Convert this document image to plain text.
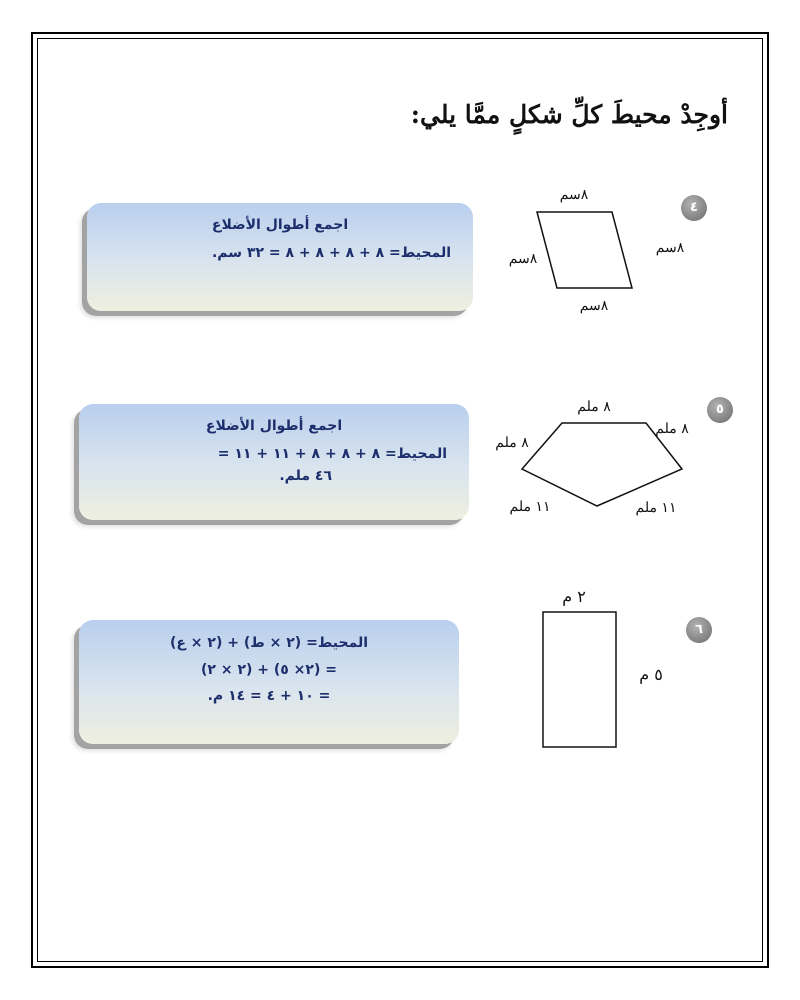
أوجِدْ محيطَ كلِّ شكلٍ ممَّا يلي:
٤
اجمع أطوال الأضلاع
المحيط= ٨ + ٨ + ٨ + ٨ = ٣٢ سم.
٥
اجمع أطوال الأضلاع
المحيط= ٨ + ٨ + ٨ + ١١ + ١١ =
٤٦ ملم.
٦
المحيط= (٢ × ط) + (٢ × ع)
= (٢× ٥) + (٢ × ٢)
= ١٠ + ٤ = ١٤ م.
٨سم
٨سم
٨سم
٨سم
٨ ملم
٨ ملم
٨ ملم
١١ ملم
١١ ملم
٢ م
٥ م
